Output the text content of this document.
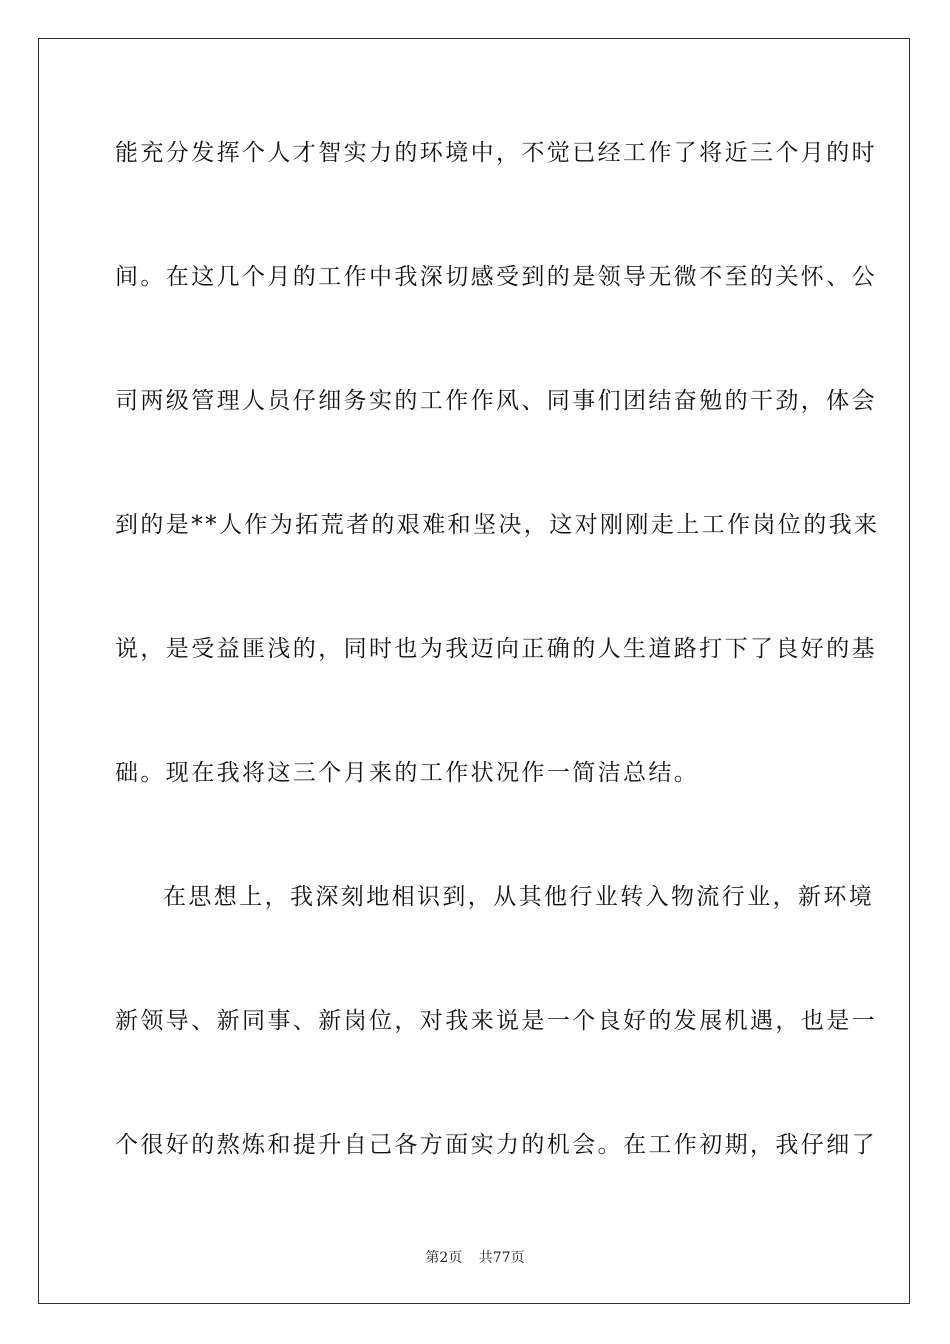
能充分发挥个人才智实力的环境中，不觉已经工作了将近三个月的时
间。在这几个月的工作中我深切感受到的是领导无微不至的关怀、公
司两级管理人员仔细务实的工作作风、同事们团结奋勉的干劲，体会
到的是**人作为拓荒者的艰难和坚决，这对刚刚走上工作岗位的我来
说，是受益匪浅的，同时也为我迈向正确的人生道路打下了良好的基
础。现在我将这三个月来的工作状况作一简洁总结。
在思想上，我深刻地相识到，从其他行业转入物流行业，新环境
新领导、新同事、新岗位，对我来说是一个良好的发展机遇，也是一
个很好的熬炼和提升自己各方面实力的机会。在工作初期，我仔细了
第2页 共77页
